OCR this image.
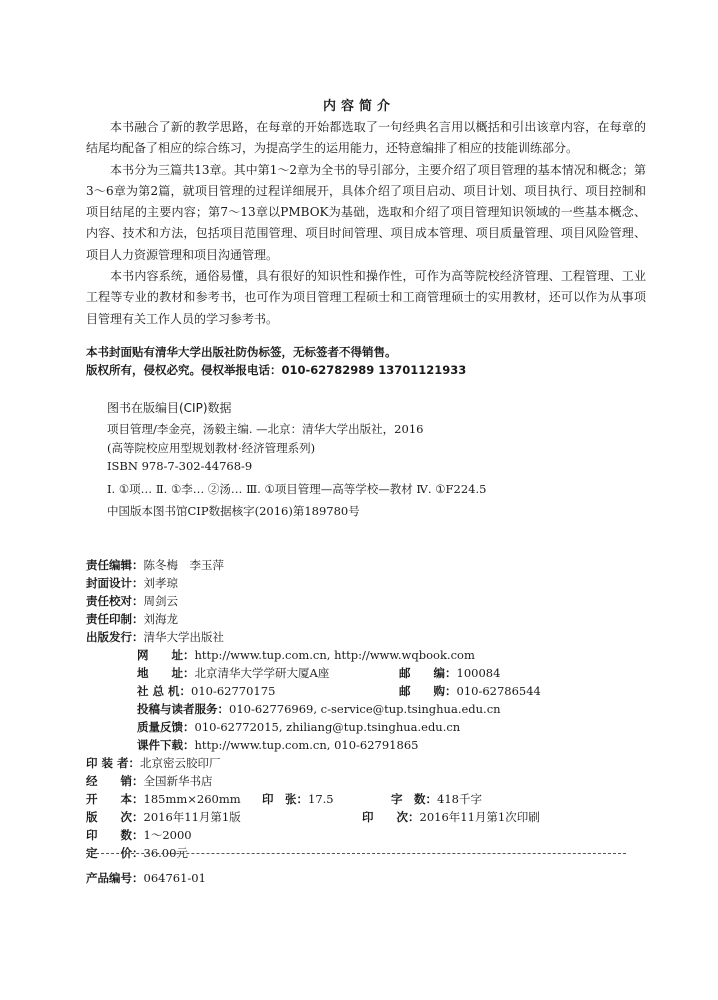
内容简介

本书融合了新的教学思路，在每章的开始都选取了一句经典名言用以概括和引出该章内容，在每章的结尾均配备了相应的综合练习，为提高学生的运用能力，还特意编排了相应的技能训练部分。

本书分为三篇共13章。其中第1～2章为全书的导引部分，主要介绍了项目管理的基本情况和概念；第3～6章为第2篇，就项目管理的过程详细展开，具体介绍了项目启动、项目计划、项目执行、项目控制和项目结尾的主要内容；第7～13章以PMBOK为基础，选取和介绍了项目管理知识领域的一些基本概念、内容、技术和方法，包括项目范围管理、项目时间管理、项目成本管理、项目质量管理、项目风险管理、项目人力资源管理和项目沟通管理。

本书内容系统，通俗易懂，具有很好的知识性和操作性，可作为高等院校经济管理、工程管理、工业工程等专业的教材和参考书，也可作为项目管理工程硕士和工商管理硕士的实用教材，还可以作为从事项目管理有关工作人员的学习参考书。

本书封面贴有清华大学出版社防伪标签，无标签者不得销售。
版权所有，侵权必究。侵权举报电话：010-62782989 13701121933
图书在版编目(CIP)数据
项目管理/李金亮，汤毅主编. —北京：清华大学出版社，2016
(高等院校应用型规划教材·经济管理系列)
ISBN 978-7-302-44768-9
Ⅰ. ①项… Ⅱ. ①李… ②汤… Ⅲ. ①项目管理—高等学校—教材 Ⅳ. ①F224.5
中国版本图书馆CIP数据核字(2016)第189780号
责任编辑：陈冬梅　李玉萍
封面设计：刘孝琼
责任校对：周剑云
责任印制：刘海龙
出版发行：清华大学出版社
网　　址：http://www.tup.com.cn, http://www.wqbook.com
地　　址：北京清华大学学研大厦A座	邮　　编：100084
社 总 机：010-62770175	邮　　购：010-62786544
投稿与读者服务：010-62776969, c-service@tup.tsinghua.edu.cn
质量反馈：010-62772015, zhiliang@tup.tsinghua.edu.cn
课件下载：http://www.tup.com.cn, 010-62791865
印 装 者：北京密云胶印厂
经　　销：全国新华书店
开　　本：185mm×260mm 印　张：17.5	字　数：418千字
版　　次：2016年11月第1版	印　　次：2016年11月第1次印刷
印　　数：1～2000
定　　价：36.00元
产品编号：064761-01
